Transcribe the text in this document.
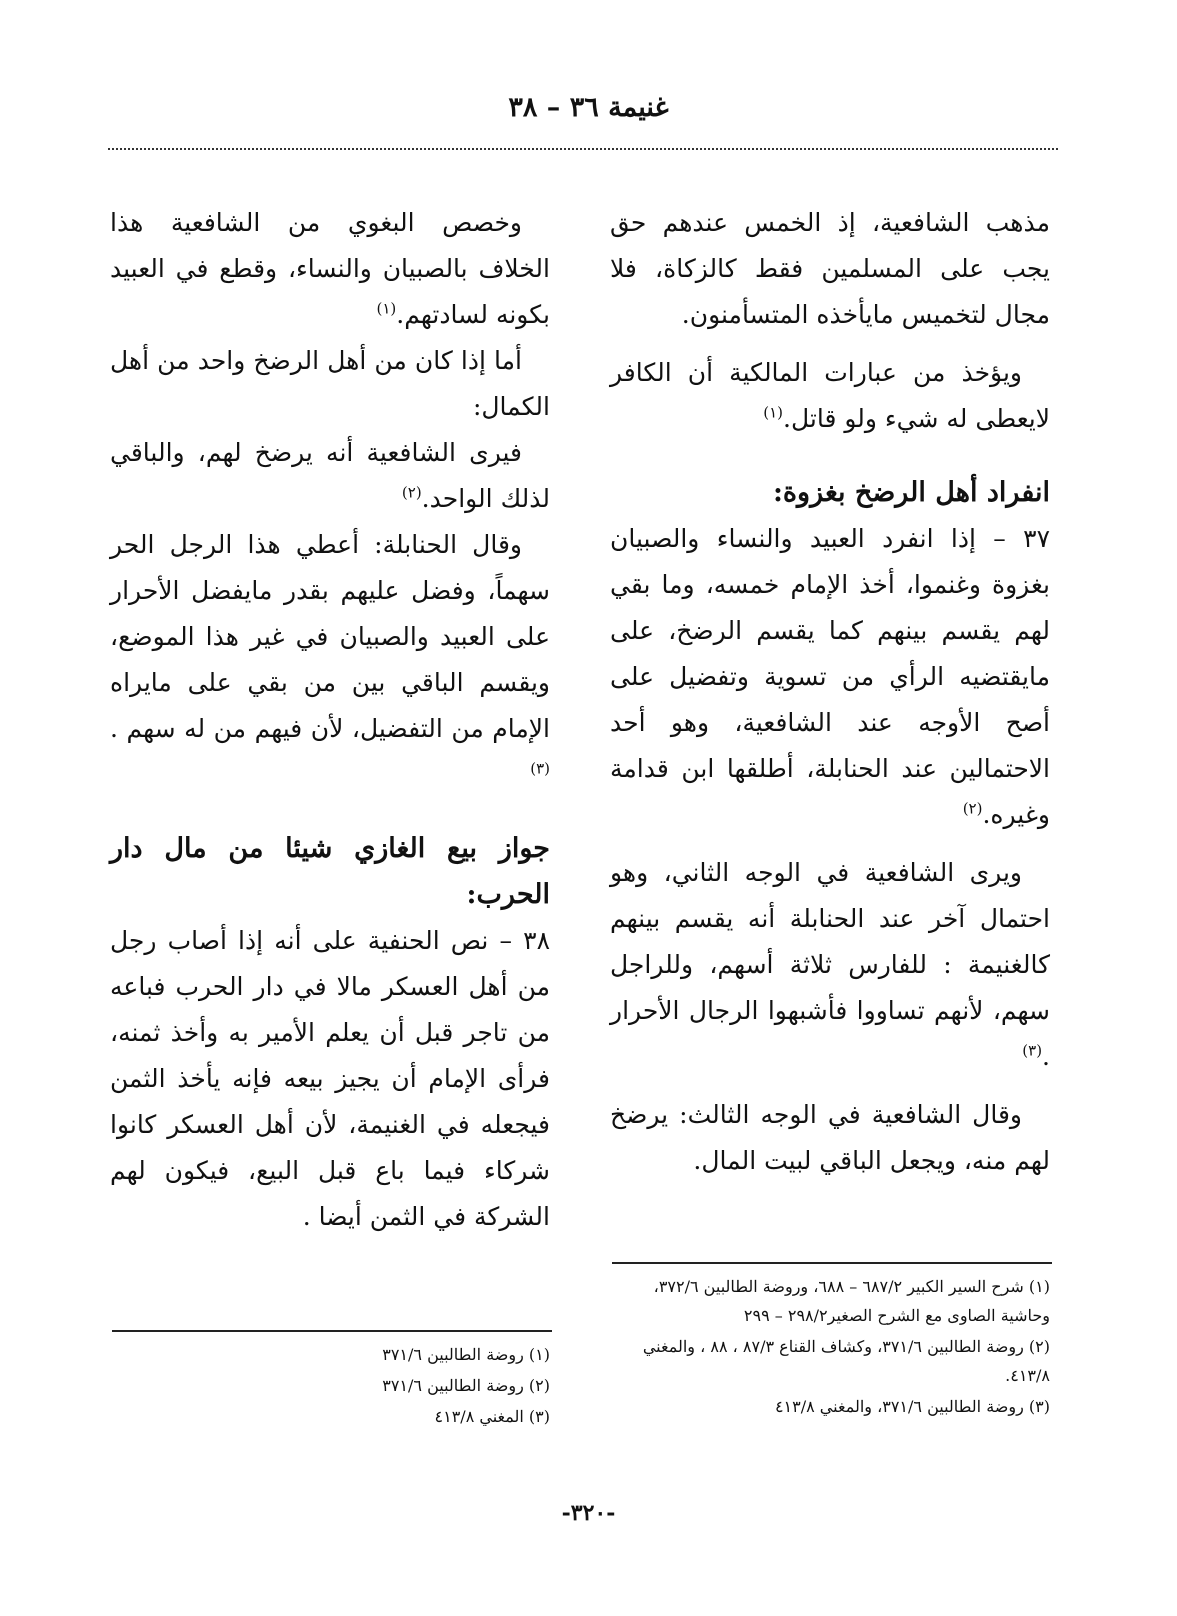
غنيمة ٣٦ – ٣٨

مذهب الشافعية، إذ الخمس عندهم حق يجب على المسلمين فقط كالزكاة، فلا مجال لتخميس مايأخذه المتسأمنون.

ويؤخذ من عبارات المالكية أن الكافر لايعطى له شيء ولو قاتل.$^{(١)}$

انفراد أهل الرضخ بغزوة:

٣٧ – إذا انفرد العبيد والنساء والصبيان بغزوة وغنموا، أخذ الإمام خمسه، وما بقي لهم يقسم بينهم كما يقسم الرضخ، على مايقتضيه الرأي من تسوية وتفضيل على أصح الأوجه عند الشافعية، وهو أحد الاحتمالين عند الحنابلة، أطلقها ابن قدامة وغيره.$^{(٢)}$

ويرى الشافعية في الوجه الثاني، وهو احتمال آخر عند الحنابلة أنه يقسم بينهم كالغنيمة : للفارس ثلاثة أسهم، وللراجل سهم، لأنهم تساووا فأشبهوا الرجال الأحرار .$^{(٣)}$

وقال الشافعية في الوجه الثالث: يرضخ لهم منه، ويجعل الباقي لبيت المال.

وخصص البغوي من الشافعية هذا الخلاف بالصبيان والنساء، وقطع في العبيد بكونه لسادتهم.$^{(١)}$

أما إذا كان من أهل الرضخ واحد من أهل الكمال:

فيرى الشافعية أنه يرضخ لهم، والباقي لذلك الواحد.$^{(٢)}$

وقال الحنابلة: أعطي هذا الرجل الحر سهماً، وفضل عليهم بقدر مايفضل الأحرار على العبيد والصبيان في غير هذا الموضع، ويقسم الباقي بين من بقي على مايراه الإمام من التفضيل، لأن فيهم من له سهم .$^{(٣)}$

جواز بيع الغازي شيئا من مال دار الحرب:

٣٨ – نص الحنفية على أنه إذا أصاب رجل من أهل العسكر مالا في دار الحرب فباعه من تاجر قبل أن يعلم الأمير به وأخذ ثمنه، فرأى الإمام أن يجيز بيعه فإنه يأخذ الثمن فيجعله في الغنيمة، لأن أهل العسكر كانوا شركاء فيما باع قبل البيع، فيكون لهم الشركة في الثمن أيضا .

(١) شرح السير الكبير ٦٨٧/٢ – ٦٨٨، وروضة الطالبين ٣٧٢/٦، وحاشية الصاوى مع الشرح الصغير٢٩٨/٢ – ٢٩٩

(٢) روضة الطالبين ٣٧١/٦، وكشاف القناع ٨٧/٣ ، ٨٨ ، والمغني ٤١٣/٨.

(٣) روضة الطالبين ٣٧١/٦، والمغني ٤١٣/٨

(١) روضة الطالبين ٣٧١/٦

(٢) روضة الطالبين ٣٧١/٦

(٣) المغني ٤١٣/٨

-٣٢٠-
